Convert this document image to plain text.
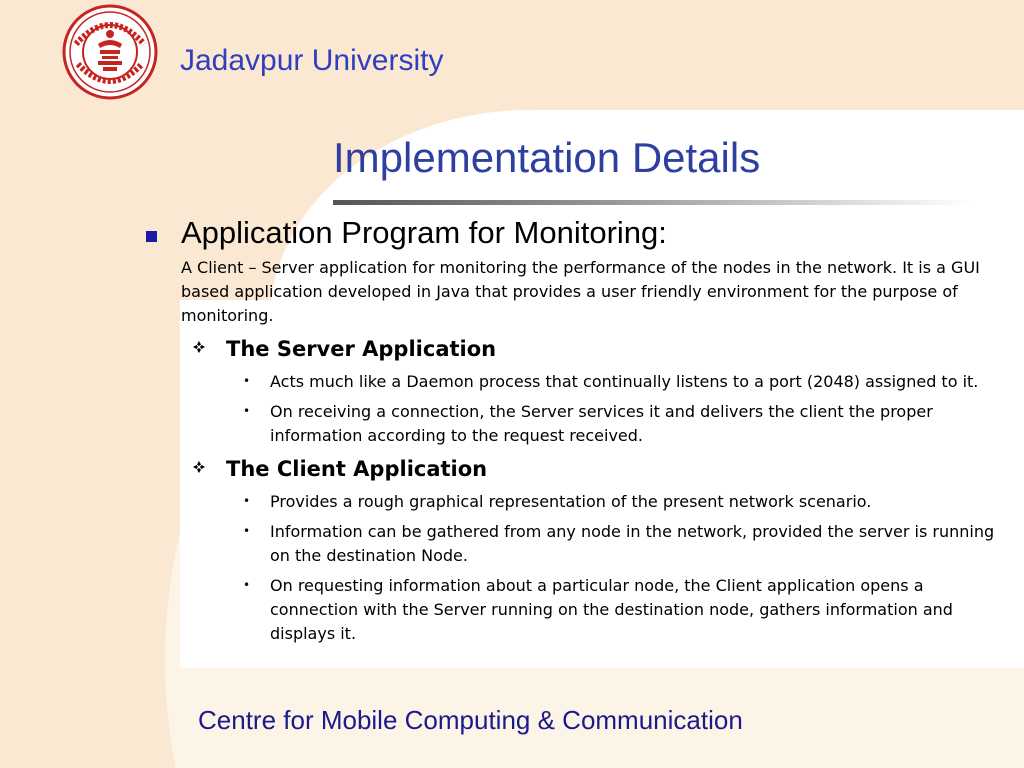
Jadavpur University
Implementation Details
Application Program for Monitoring:
A Client – Server application for monitoring the performance of the nodes in the network. It is a GUI based application developed in Java that provides a user friendly environment for the purpose of monitoring.
The Server Application
• Acts much like a Daemon process that continually listens to a port (2048) assigned to it.
• On receiving a connection, the Server services it and delivers the client the proper information according to the request received.
The Client Application
• Provides a rough graphical representation of the present network scenario.
• Information can be gathered from any node in the network, provided the server is running on the destination Node.
• On requesting information about a particular node, the Client application opens a connection with the Server running on the destination node, gathers information and displays it.
Centre for Mobile Computing & Communication
